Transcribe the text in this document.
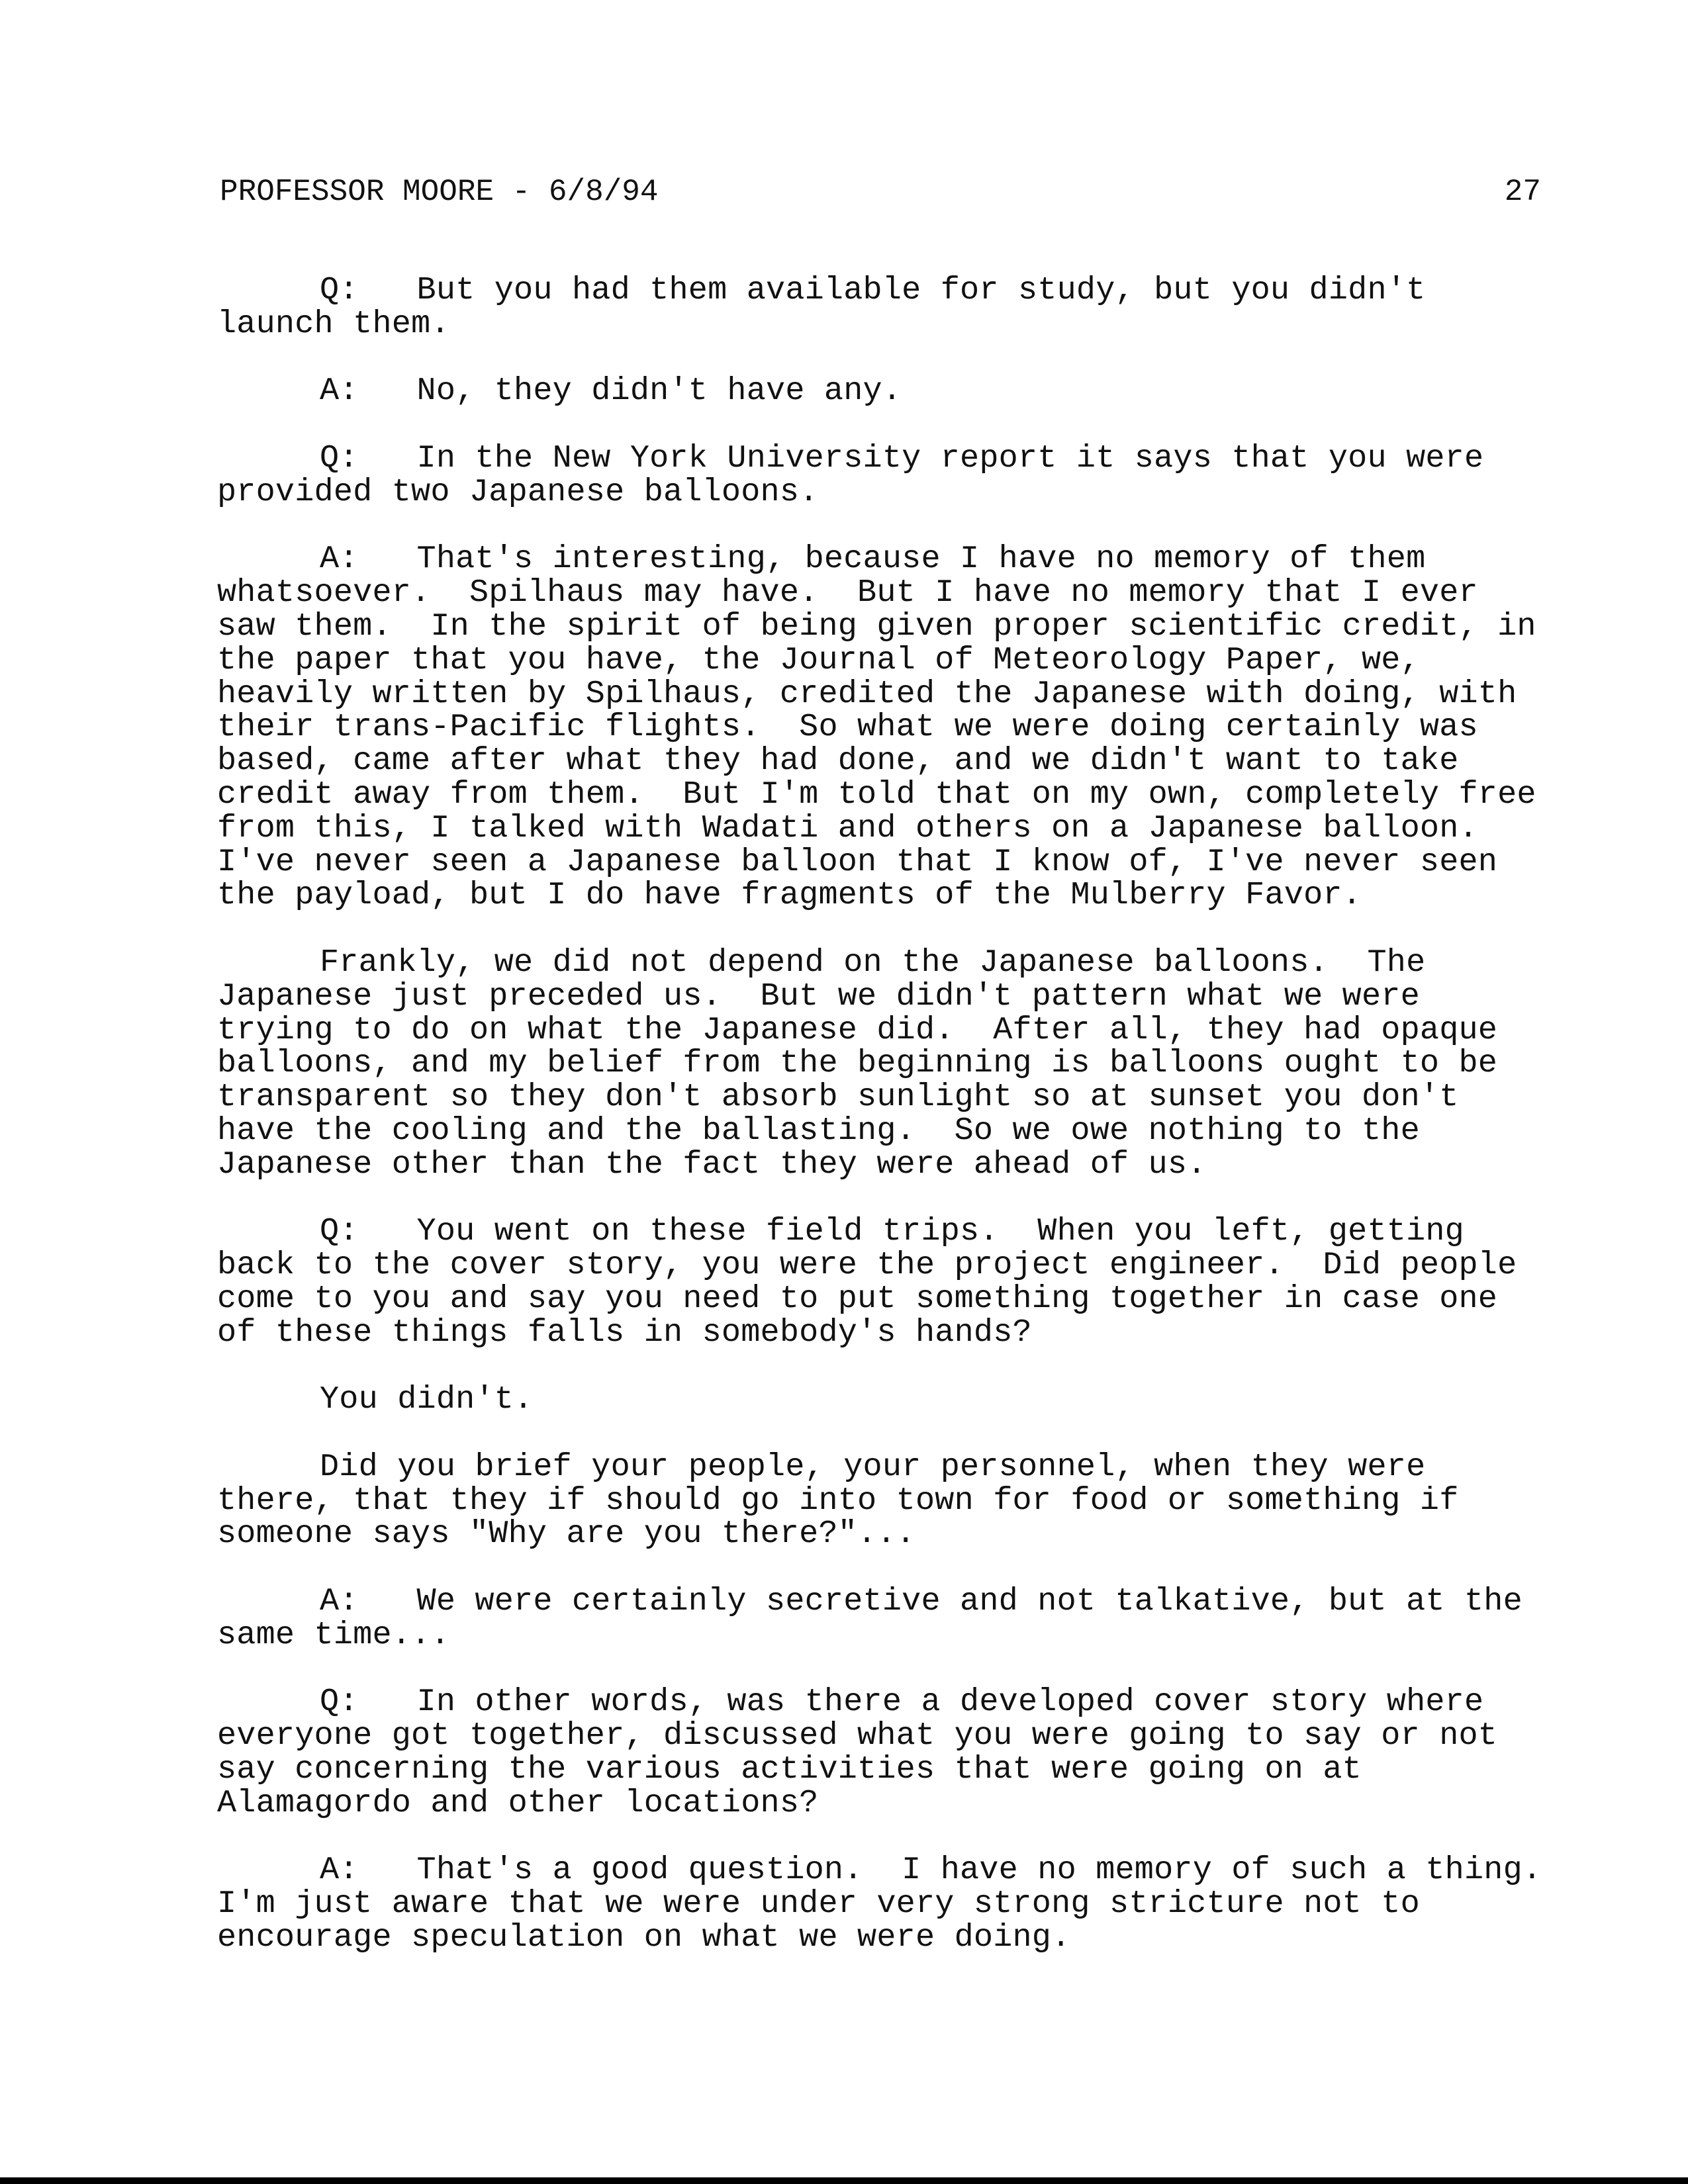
PROFESSOR MOORE - 6/8/94	27

Q:   But you had them available for study, but you didn't launch them.

A:   No, they didn't have any.

Q:   In the New York University report it says that you were provided two Japanese balloons.

A:   That's interesting, because I have no memory of them whatsoever.  Spilhaus may have.  But I have no memory that I ever saw them.  In the spirit of being given proper scientific credit, in the paper that you have, the Journal of Meteorology Paper, we, heavily written by Spilhaus, credited the Japanese with doing, with their trans-Pacific flights.  So what we were doing certainly was based, came after what they had done, and we didn't want to take credit away from them.  But I'm told that on my own, completely free from this, I talked with Wadati and others on a Japanese balloon.  I've never seen a Japanese balloon that I know of, I've never seen the payload, but I do have fragments of the Mulberry Favor.

Frankly, we did not depend on the Japanese balloons.  The Japanese just preceded us.  But we didn't pattern what we were trying to do on what the Japanese did.  After all, they had opaque balloons, and my belief from the beginning is balloons ought to be transparent so they don't absorb sunlight so at sunset you don't have the cooling and the ballasting.  So we owe nothing to the Japanese other than the fact they were ahead of us.

Q:   You went on these field trips.  When you left, getting back to the cover story, you were the project engineer.  Did people come to you and say you need to put something together in case one of these things falls in somebody's hands?

You didn't.

Did you brief your people, your personnel, when they were there, that they if should go into town for food or something if someone says "Why are you there?"...

A:   We were certainly secretive and not talkative, but at the same time...

Q:   In other words, was there a developed cover story where everyone got together, discussed what you were going to say or not say concerning the various activities that were going on at Alamagordo and other locations?

A:   That's a good question.  I have no memory of such a thing.  I'm just aware that we were under very strong stricture not to encourage speculation on what we were doing.
